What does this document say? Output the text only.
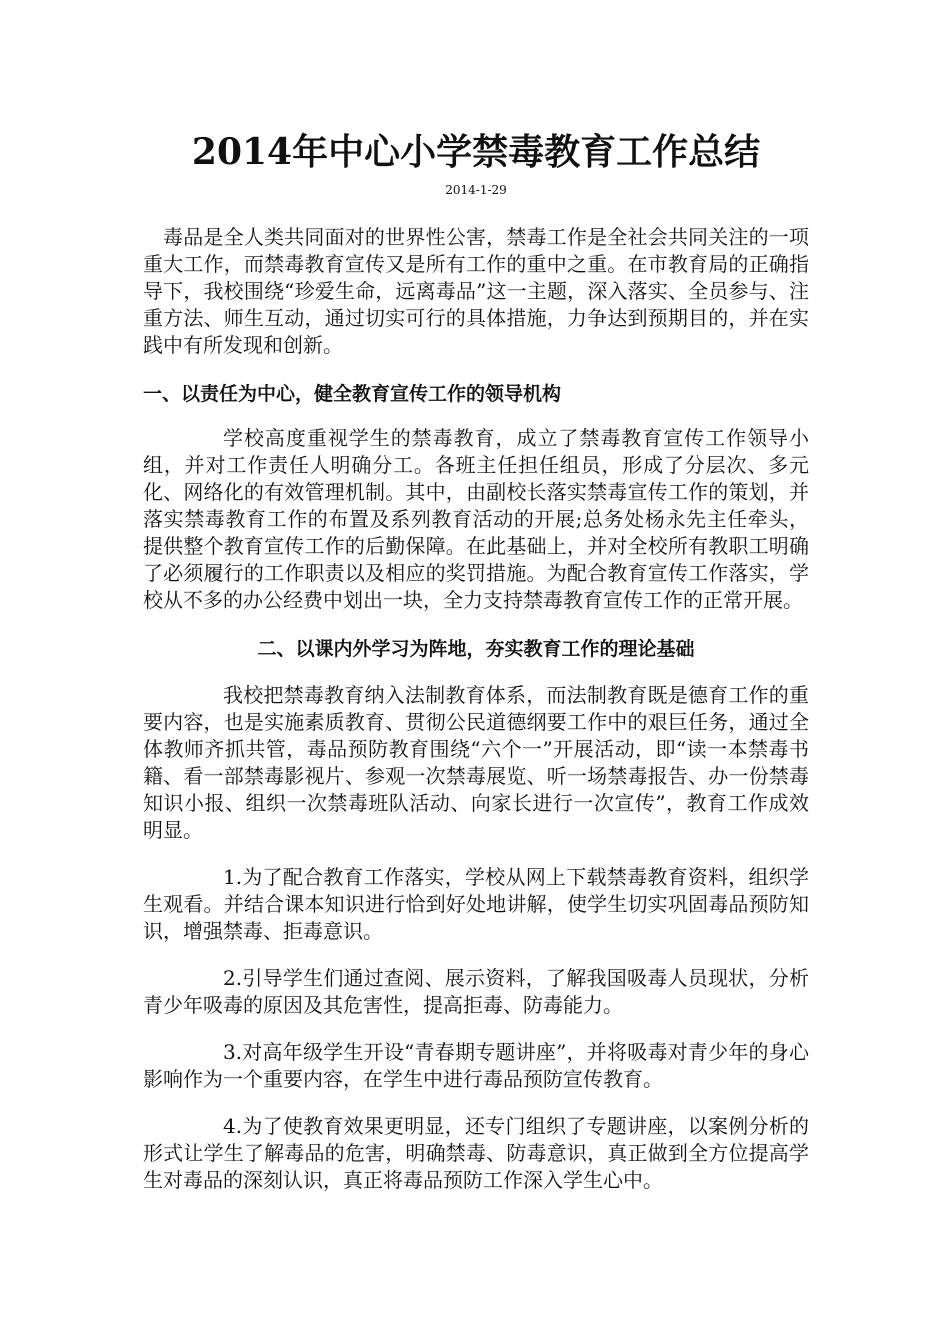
2014年中心小学禁毒教育工作总结

2014-1-29

毒品是全人类共同面对的世界性公害，禁毒工作是全社会共同关注的一项重大工作，而禁毒教育宣传又是所有工作的重中之重。在市教育局的正确指导下，我校围绕“珍爱生命，远离毒品”这一主题，深入落实、全员参与、注重方法、师生互动，通过切实可行的具体措施，力争达到预期目的，并在实践中有所发现和创新。

一、以责任为中心，健全教育宣传工作的领导机构

学校高度重视学生的禁毒教育，成立了禁毒教育宣传工作领导小组，并对工作责任人明确分工。各班主任担任组员，形成了分层次、多元化、网络化的有效管理机制。其中，由副校长落实禁毒宣传工作的策划，并落实禁毒教育工作的布置及系列教育活动的开展;总务处杨永先主任牵头，提供整个教育宣传工作的后勤保障。在此基础上，并对全校所有教职工明确了必须履行的工作职责以及相应的奖罚措施。为配合教育宣传工作落实，学校从不多的办公经费中划出一块，全力支持禁毒教育宣传工作的正常开展。

二、以课内外学习为阵地，夯实教育工作的理论基础

我校把禁毒教育纳入法制教育体系，而法制教育既是德育工作的重要内容，也是实施素质教育、贯彻公民道德纲要工作中的艰巨任务，通过全体教师齐抓共管，毒品预防教育围绕“六个一”开展活动，即“读一本禁毒书籍、看一部禁毒影视片、参观一次禁毒展览、听一场禁毒报告、办一份禁毒知识小报、组织一次禁毒班队活动、向家长进行一次宣传”，教育工作成效明显。

1.为了配合教育工作落实，学校从网上下载禁毒教育资料，组织学生观看。并结合课本知识进行恰到好处地讲解，使学生切实巩固毒品预防知识，增强禁毒、拒毒意识。

2.引导学生们通过查阅、展示资料，了解我国吸毒人员现状，分析青少年吸毒的原因及其危害性，提高拒毒、防毒能力。

3.对高年级学生开设“青春期专题讲座”，并将吸毒对青少年的身心影响作为一个重要内容，在学生中进行毒品预防宣传教育。

4.为了使教育效果更明显，还专门组织了专题讲座，以案例分析的形式让学生了解毒品的危害，明确禁毒、防毒意识，真正做到全方位提高学生对毒品的深刻认识，真正将毒品预防工作深入学生心中。
